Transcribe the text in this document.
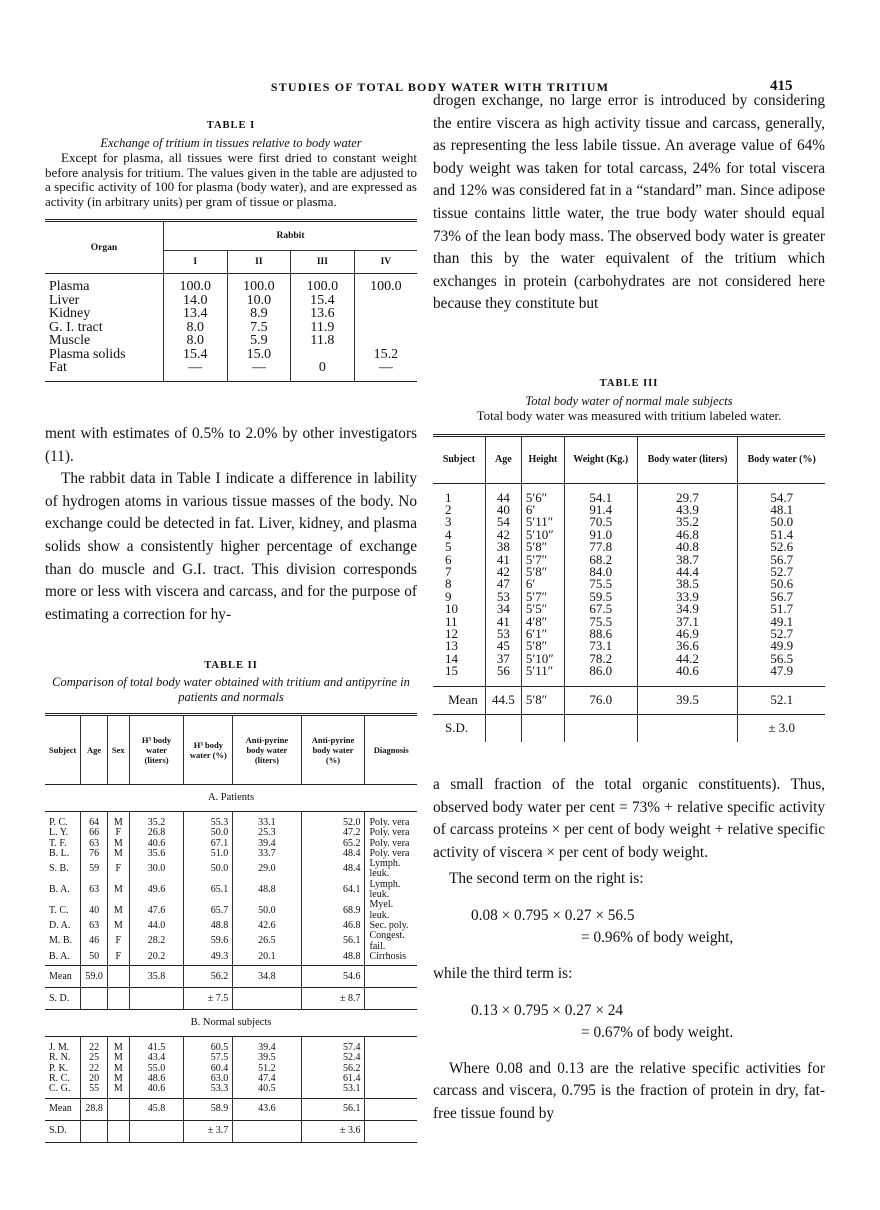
STUDIES OF TOTAL BODY WATER WITH TRITIUM	415
TABLE I
Exchange of tritium in tissues relative to body water
Except for plasma, all tissues were first dried to constant weight before analysis for tritium. The values given in the table are adjusted to a specific activity of 100 for plasma (body water), and are expressed as activity (in arbitrary units) per gram of tissue or plasma.
Organ	Rabbit			
	I	II	III	IV

Plasma	100.0	100.0	100.0	100.0
Liver	14.0	10.0	15.4	
Kidney	13.4	8.9	13.6	
G. I. tract	8.0	7.5	11.9	
Muscle	8.0	5.9	11.8	
Plasma solids	15.4	15.0		15.2
Fat	—	—	0	—

ment with estimates of 0.5% to 2.0% by other investigators (11).

The rabbit data in Table I indicate a difference in lability of hydrogen atoms in various tissue masses of the body. No exchange could be detected in fat. Liver, kidney, and plasma solids show a consistently higher percentage of exchange than do muscle and G.I. tract. This division corresponds more or less with viscera and carcass, and for the purpose of estimating a correction for hy-

TABLE II
Comparison of total body water obtained with tritium and antipyrine in patients and normals
Subject	Age	Sex	H³ body water (liters)	H³ body water (%)	Anti-pyrine body water (liters)	Anti-pyrine body water (%)	Diagnosis
A. Patients							

P. C.	64	M	35.2	55.3	33.1	52.0	Poly. vera
L. Y.	66	F	26.8	50.0	25.3	47.2	Poly. vera
T. F.	63	M	40.6	67.1	39.4	65.2	Poly. vera
B. L.	76	M	35.6	51.0	33.7	48.4	Poly. vera
S. B.	59	F	30.0	50.0	29.0	48.4	Lymph. leuk.
B. A.	63	M	49.6	65.1	48.8	64.1	Lymph. leuk.
T. C.	40	M	47.6	65.7	50.0	68.9	Myel. leuk.
D. A.	63	M	44.0	48.8	42.6	46.8	Sec. poly.
M. B.	46	F	28.2	59.6	26.5	56.1	Congest. fail.
B. A.	50	F	20.2	49.3	20.1	48.8	Cirrhosis

Mean	59.0		35.8	56.2	34.8	54.6	
S. D.				± 7.5		± 8.7	
B. Normal subjects							

J. M.	22	M	41.5	60.5	39.4	57.4	
R. N.	25	M	43.4	57.5	39.5	52.4	
P. K.	22	M	55.0	60.4	51.2	56.2	
R. C.	20	M	48.6	63.0	47.4	61.4	
C. G.	55	M	40.6	53.3	40.5	53.1	

Mean	28.8		45.8	58.9	43.6	56.1	
S.D.				± 3.7		± 3.6	

drogen exchange, no large error is introduced by considering the entire viscera as high activity tissue and carcass, generally, as representing the less labile tissue. An average value of 64% body weight was taken for total carcass, 24% for total viscera and 12% was considered fat in a “standard” man. Since adipose tissue contains little water, the true body water should equal 73% of the lean body mass. The observed body water is greater than this by the water equivalent of the tritium which exchanges in protein (carbohydrates are not considered here because they constitute but

TABLE III
Total body water of normal male subjects
Total body water was measured with tritium labeled water.
Subject	Age	Height	Weight (Kg.)	Body water (liters)	Body water (%)

1	44	5′6″	54.1	29.7	54.7
2	40	6′	91.4	43.9	48.1
3	54	5′11″	70.5	35.2	50.0
4	42	5′10″	91.0	46.8	51.4
5	38	5′8″	77.8	40.8	52.6
6	41	5′7″	68.2	38.7	56.7
7	42	5′8″	84.0	44.4	52.7
8	47	6′	75.5	38.5	50.6
9	53	5′7″	59.5	33.9	56.7
10	34	5′5″	67.5	34.9	51.7
11	41	4′8″	75.5	37.1	49.1
12	53	6′1″	88.6	46.9	52.7
13	45	5′8″	73.1	36.6	49.9
14	37	5′10″	78.2	44.2	56.5
15	56	5′11″	86.0	40.6	47.9

Mean	44.5	5′8″	76.0	39.5	52.1
S.D.					± 3.0

a small fraction of the total organic constituents). Thus, observed body water per cent = 73% + relative specific activity of carcass proteins × per cent of body weight + relative specific activity of viscera × per cent of body weight.

The second term on the right is:

0.08 × 0.795 × 0.27 × 56.5
= 0.96% of body weight,

while the third term is:

0.13 × 0.795 × 0.27 × 24
= 0.67% of body weight.

Where 0.08 and 0.13 are the relative specific activities for carcass and viscera, 0.795 is the fraction of protein in dry, fat-free tissue found by
